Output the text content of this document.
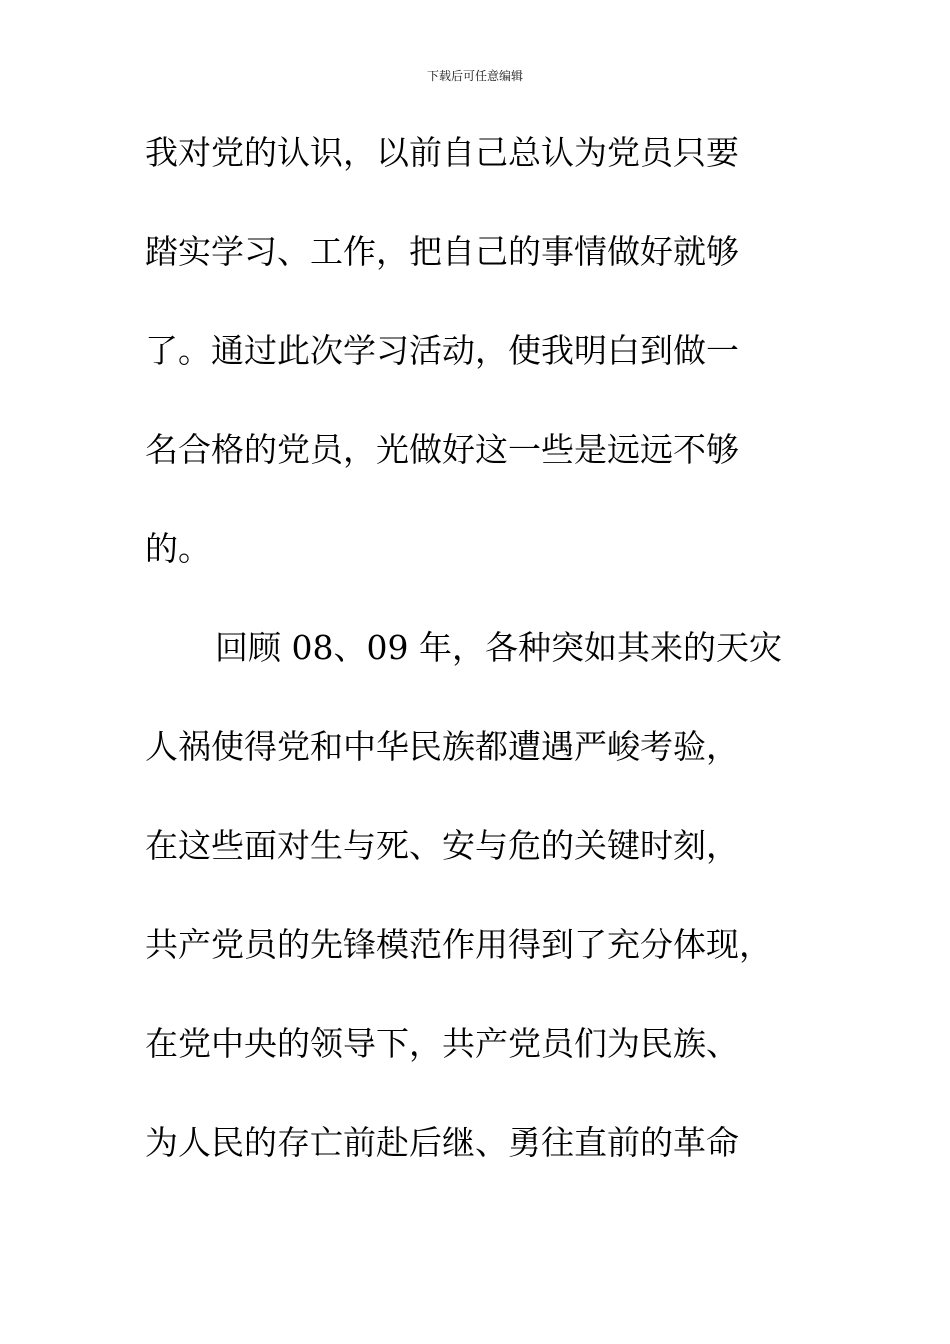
下载后可任意编辑
我对党的认识，以前自己总认为党员只要
踏实学习、工作，把自己的事情做好就够
了。通过此次学习活动，使我明白到做一
名合格的党员，光做好这一些是远远不够
的。
回顾 08、09 年，各种突如其来的天灾
人祸使得党和中华民族都遭遇严峻考验，
在这些面对生与死、安与危的关键时刻，
共产党员的先锋模范作用得到了充分体现，
在党中央的领导下，共产党员们为民族、
为人民的存亡前赴后继、勇往直前的革命
